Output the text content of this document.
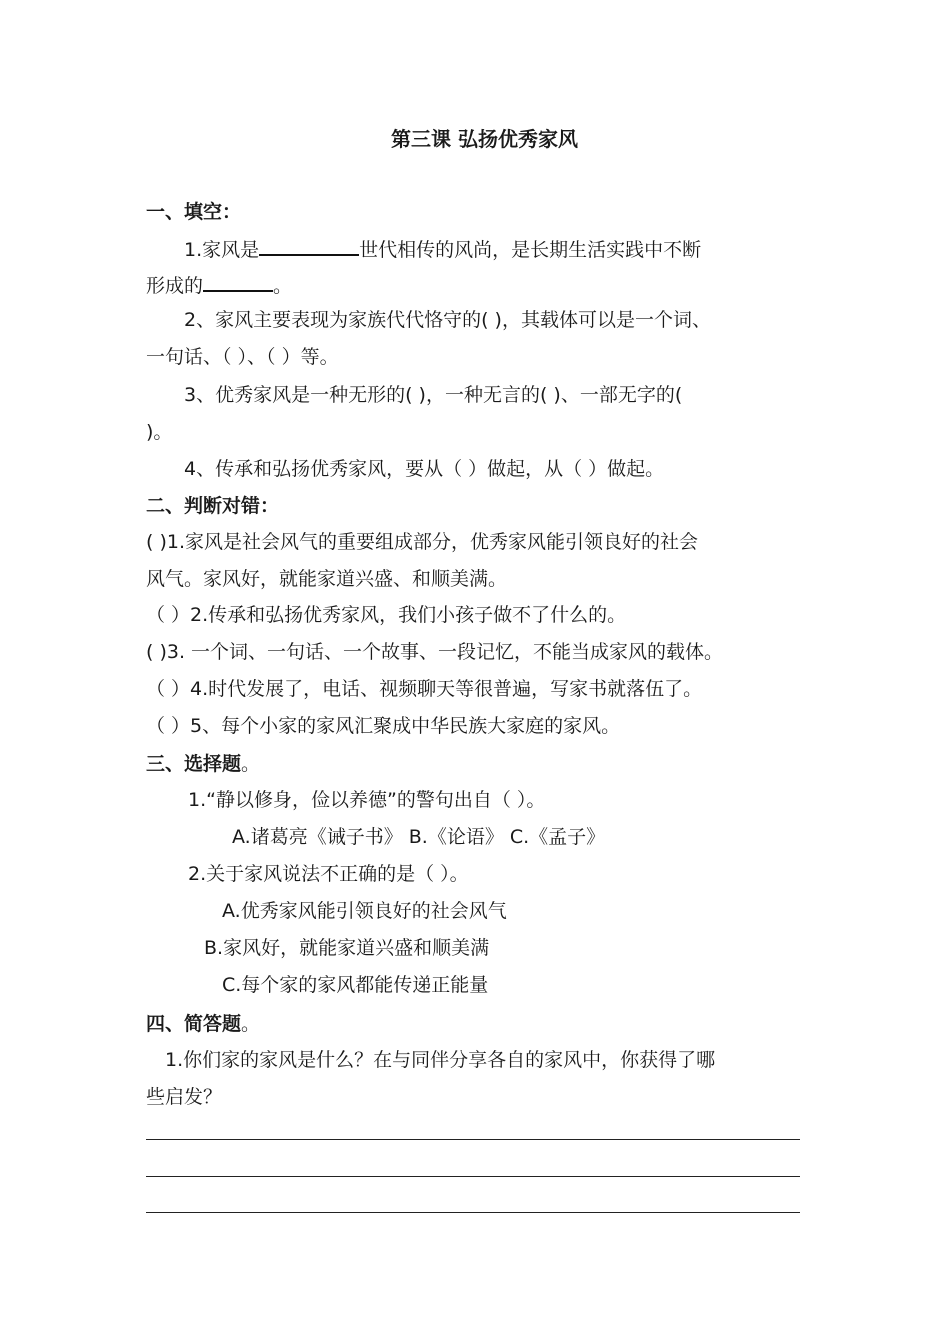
第三课 弘扬优秀家风
一、填空：
1.家风是	世代相传的风尚，是长期生活实践中不断
形成的	。
2、家风主要表现为家族代代恪守的( )，其载体可以是一个词、
一句话、（ ）、（ ）等。
3、优秀家风是一种无形的( )，一种无言的( )、一部无字的(
)。
4、传承和弘扬优秀家风，要从（ ）做起，从（ ）做起。
二、判断对错：
( )1.家风是社会风气的重要组成部分，优秀家风能引领良好的社会
风气。家风好，就能家道兴盛、和顺美满。
（ ）2.传承和弘扬优秀家风，我们小孩子做不了什么的。
( )3. 一个词、一句话、一个故事、一段记忆，不能当成家风的载体。
（ ）4.时代发展了，电话、视频聊天等很普遍，写家书就落伍了。
（ ）5、每个小家的家风汇聚成中华民族大家庭的家风。
三、选择题。
1.“静以修身，俭以养德”的警句出自（ ）。
A.诸葛亮《诫子书》 B.《论语》 C.《孟子》
2.关于家风说法不正确的是（ ）。
A.优秀家风能引领良好的社会风气
B.家风好，就能家道兴盛和顺美满
C.每个家的家风都能传递正能量
四、简答题。
1.你们家的家风是什么？在与同伴分享各自的家风中，你获得了哪
些启发？
